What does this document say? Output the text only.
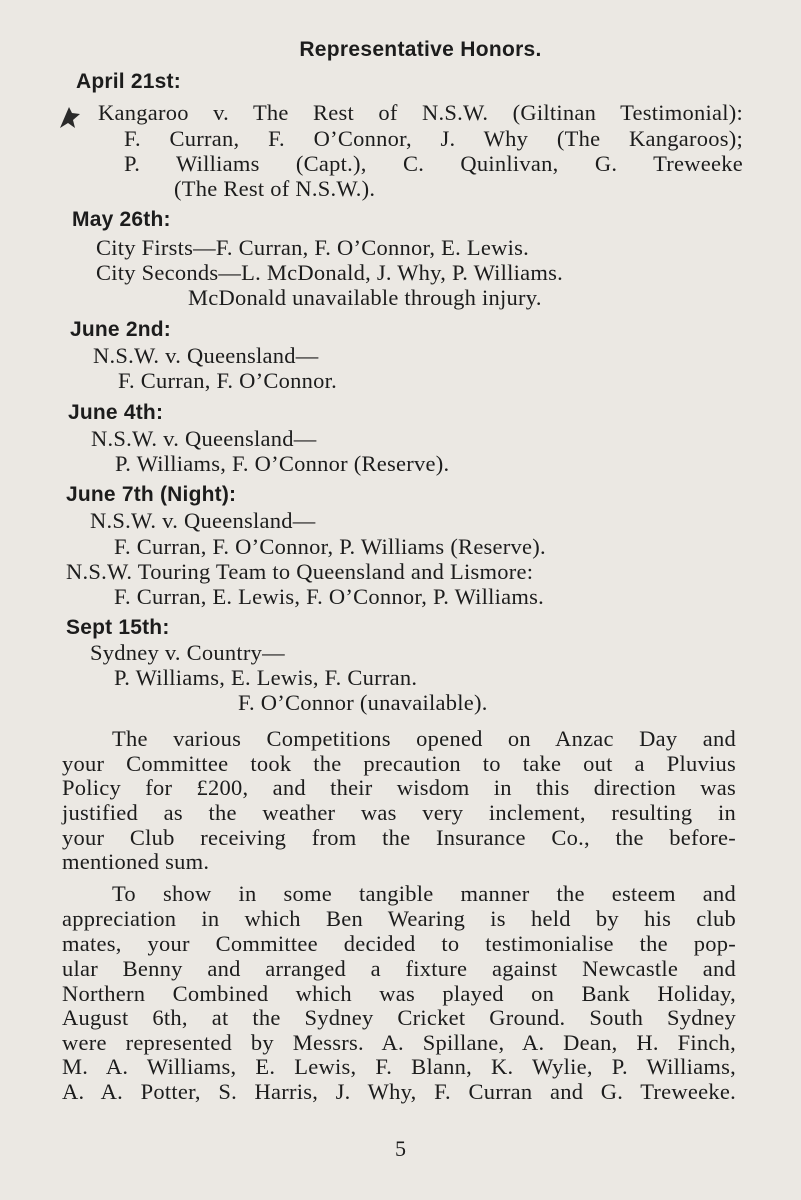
Representative Honors.
April 21st:
Kangaroo v. The Rest of N.S.W. (Giltinan Testimonial):
F. Curran, F. O’Connor, J. Why (The Kangaroos);
P. Williams (Capt.), C. Quinlivan, G. Treweeke
(The Rest of N.S.W.).
May 26th:
City Firsts—F. Curran, F. O’Connor, E. Lewis.
City Seconds—L. McDonald, J. Why, P. Williams.
McDonald unavailable through injury.
June 2nd:
N.S.W. v. Queensland—
F. Curran, F. O’Connor.
June 4th:
N.S.W. v. Queensland—
P. Williams, F. O’Connor (Reserve).
June 7th (Night):
N.S.W. v. Queensland—
F. Curran, F. O’Connor, P. Williams (Reserve).
N.S.W. Touring Team to Queensland and Lismore:
F. Curran, E. Lewis, F. O’Connor, P. Williams.
Sept 15th:
Sydney v. Country—
P. Williams, E. Lewis, F. Curran.
F. O’Connor (unavailable).
The various Competitions opened on Anzac Day and
your Committee took the precaution to take out a Pluvius
Policy for £200, and their wisdom in this direction was
justified as the weather was very inclement, resulting in
your Club receiving from the Insurance Co., the before-
mentioned sum.
To show in some tangible manner the esteem and
appreciation in which Ben Wearing is held by his club
mates, your Committee decided to testimonialise the pop-
ular Benny and arranged a fixture against Newcastle and
Northern Combined which was played on Bank Holiday,
August 6th, at the Sydney Cricket Ground. South Sydney
were represented by Messrs. A. Spillane, A. Dean, H. Finch,
M. A. Williams, E. Lewis, F. Blann, K. Wylie, P. Williams,
A. A. Potter, S. Harris, J. Why, F. Curran and G. Treweeke.
5
